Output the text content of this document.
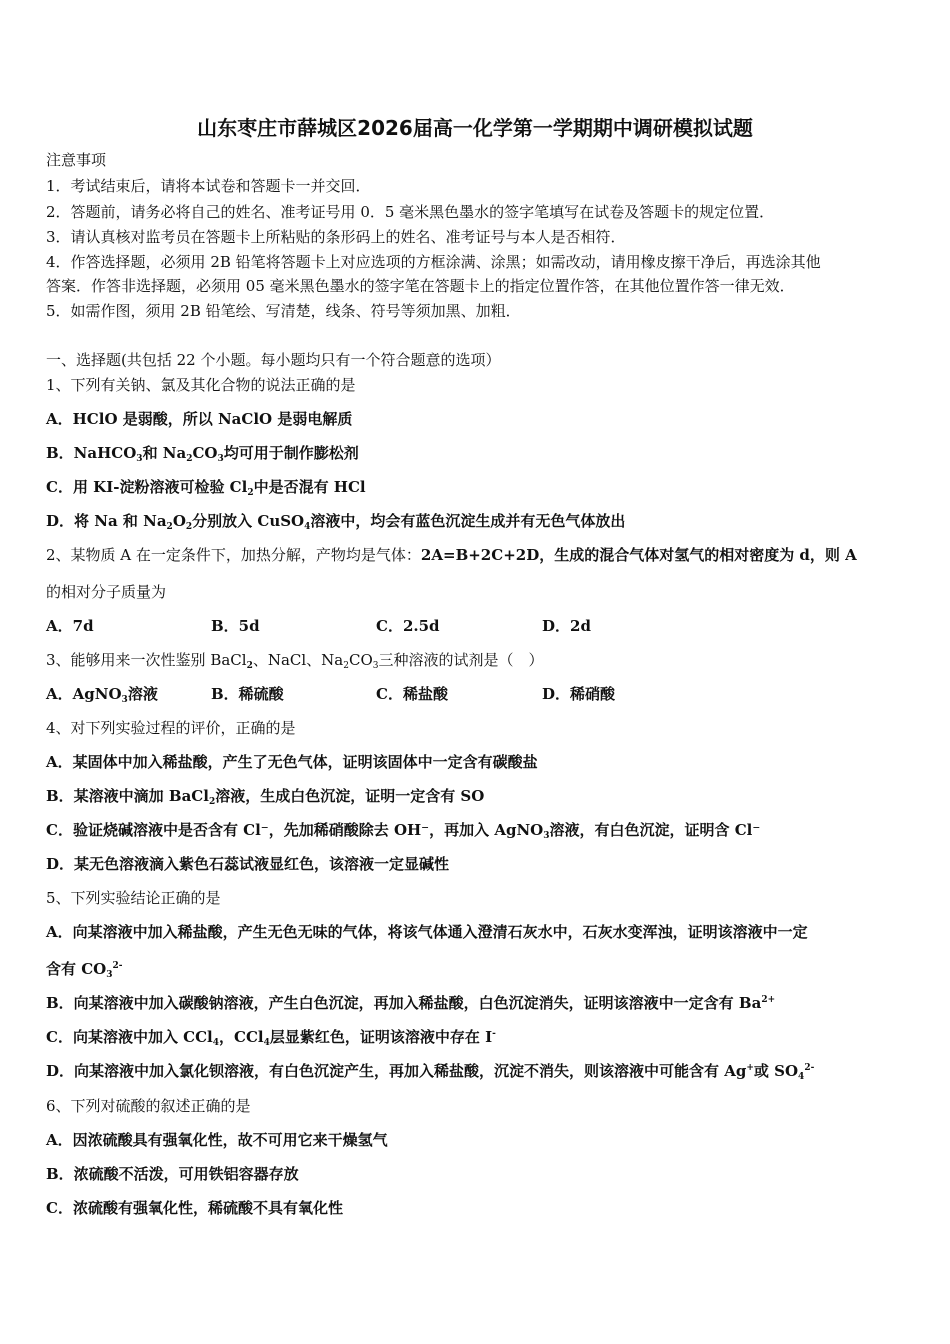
山东枣庄市薛城区2026届高一化学第一学期期中调研模拟试题
注意事项
1．考试结束后，请将本试卷和答题卡一并交回．
2．答题前，请务必将自己的姓名、准考证号用 0．5 毫米黑色墨水的签字笔填写在试卷及答题卡的规定位置．
3．请认真核对监考员在答题卡上所粘贴的条形码上的姓名、准考证号与本人是否相符．
4．作答选择题，必须用 2B 铅笔将答题卡上对应选项的方框涂满、涂黑；如需改动，请用橡皮擦干净后，再选涂其他
答案．作答非选择题，必须用 05 毫米黑色墨水的签字笔在答题卡上的指定位置作答，在其他位置作答一律无效．
5．如需作图，须用 2B 铅笔绘、写清楚，线条、符号等须加黑、加粗．
一、选择题(共包括 22 个小题。每小题均只有一个符合题意的选项）
1、下列有关钠、氯及其化合物的说法正确的是
A．HClO 是弱酸，所以 NaClO 是弱电解质
B．NaHCO$_3$和 $Na_2CO_3$均可用于制作膨松剂
C．用 KI-淀粉溶液可检验 $Cl_2$中是否混有 HCl
D．将 Na 和 $Na_2O_2$分别放入 CuSO$_4$溶液中，均会有蓝色沉淀生成并有无色气体放出
2、某物质 A 在一定条件下，加热分解，产物均是气体：2A=B+2C+2D，生成的混合气体对氢气的相对密度为 d，则 A
的相对分子质量为
A．7d	B．5d	C．2.5d	D．2d
3、能够用来一次性鉴别 BaCl$_2$、NaCl、$Na_2CO_3$三种溶液的试剂是（　）
A．AgNO$_3$溶液	B．稀硫酸	C．稀盐酸	D．稀硝酸
4、对下列实验过程的评价，正确的是
A．某固体中加入稀盐酸，产生了无色气体，证明该固体中一定含有碳酸盐
B．某溶液中滴加 BaCl$_2$溶液，生成白色沉淀，证明一定含有 SO
C．验证烧碱溶液中是否含有 Cl⁻，先加稀硝酸除去 OH⁻，再加入 AgNO$_3$溶液，有白色沉淀，证明含 Cl⁻
D．某无色溶液滴入紫色石蕊试液显红色，该溶液一定显碱性
5、下列实验结论正确的是
A．向某溶液中加入稀盐酸，产生无色无味的气体，将该气体通入澄清石灰水中，石灰水变浑浊，证明该溶液中一定
含有 $CO_3^{2-}$
B．向某溶液中加入碳酸钠溶液，产生白色沉淀，再加入稀盐酸，白色沉淀消失，证明该溶液中一定含有 $Ba^{2+}$
C．向某溶液中加入 CCl$_4$，CCl$_4$层显紫红色，证明该溶液中存在 I-
D．向某溶液中加入氯化钡溶液，有白色沉淀产生，再加入稀盐酸，沉淀不消失，则该溶液中可能含有 Ag+或 $SO_4^{2-}$
6、下列对硫酸的叙述正确的是
A．因浓硫酸具有强氧化性，故不可用它来干燥氢气
B．浓硫酸不活泼，可用铁铝容器存放
C．浓硫酸有强氧化性，稀硫酸不具有氧化性
